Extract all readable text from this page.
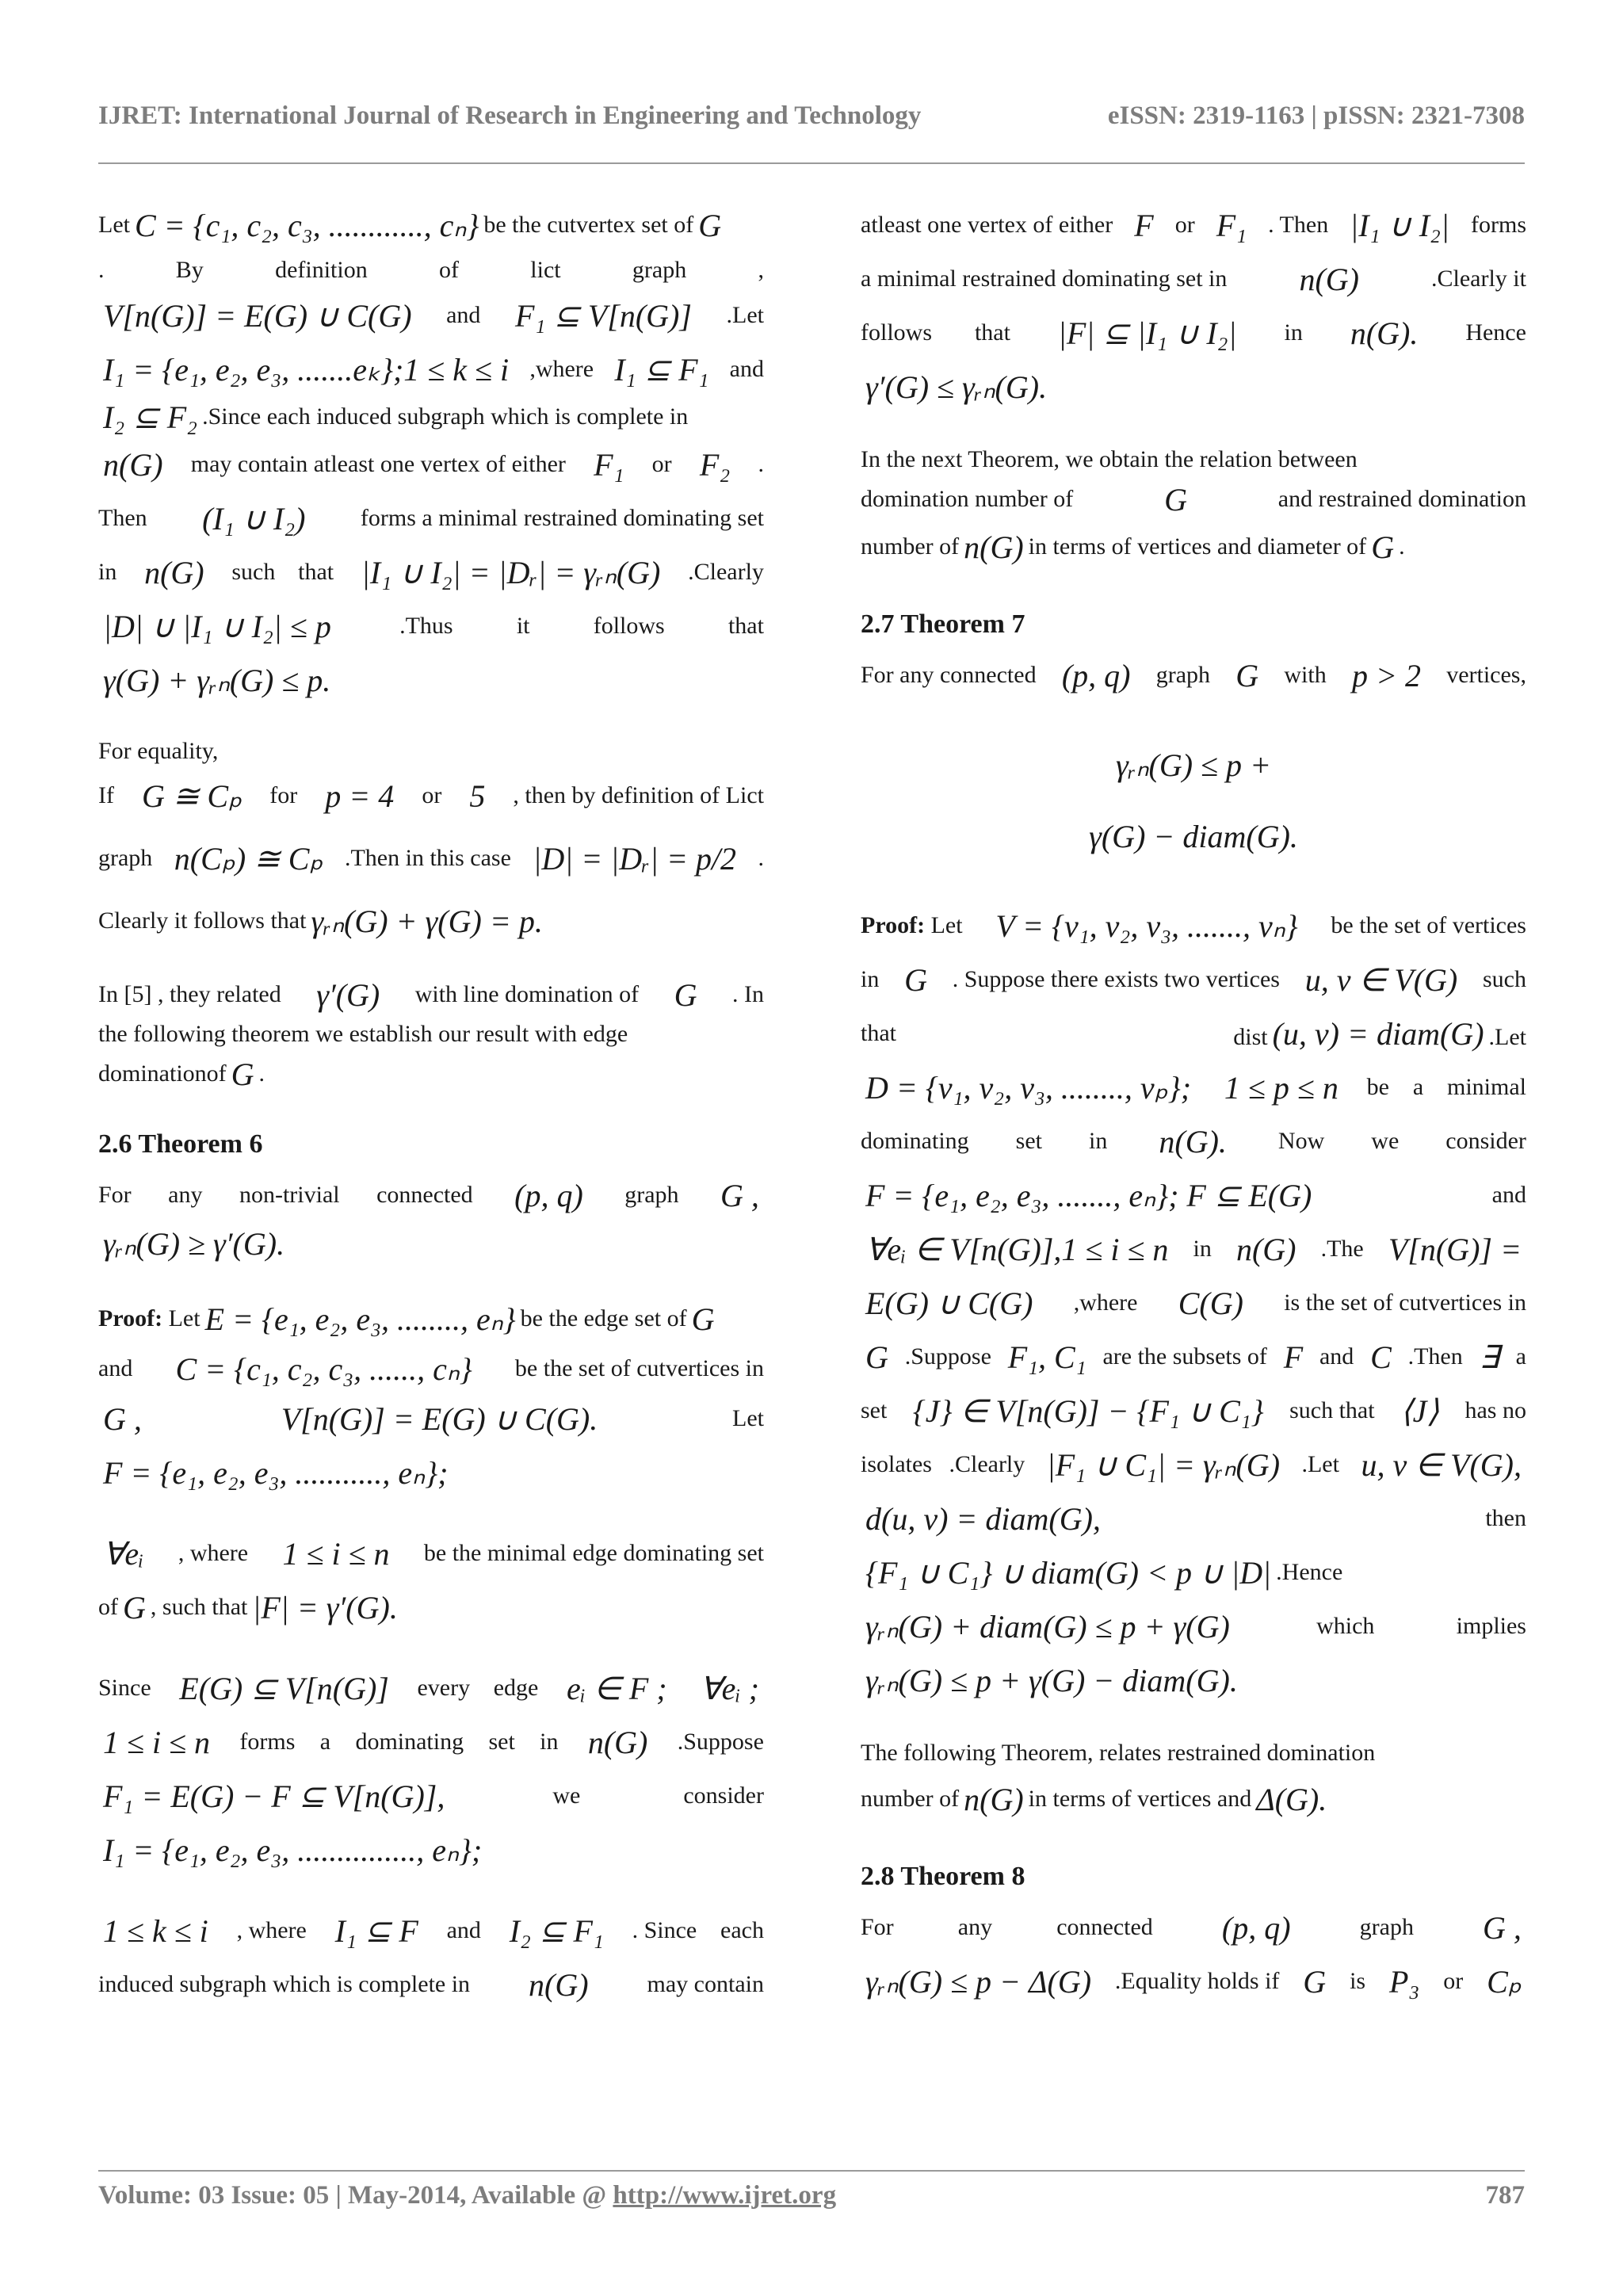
IJRET: International Journal of Research in Engineering and Technology	eISSN: 2319-1163 | pISSN: 2321-7308
Let C = {c₁, c₂, c₃, ............, cₙ} be the cutvertex set of G
.	By	definition	of	lict	graph	,
V[n(G)] = E(G) ∪ C(G) and F₁ ⊆ V[n(G)] .Let
I₁ = {e₁, e₂, e₃, .......eₖ};1 ≤ k ≤ i ,where I₁ ⊆ F₁ and
I₂ ⊆ F₂ .Since each induced subgraph which is complete in
n(G) may contain atleast one vertex of either F₁ or F₂ .
Then (I₁ ∪ I₂) forms a minimal restrained dominating set
in n(G) such that |I₁ ∪ I₂| = |Dᵣ| = γᵣₙ(G) .Clearly
|D| ∪ |I₁ ∪ I₂| ≤ p	.Thus	it	follows	that
γ(G) + γᵣₙ(G) ≤ p.
For equality,
If G ≅ Cₚ for p = 4 or 5 , then by definition of Lict
graph n(Cₚ) ≅ Cₚ .Then in this case |D| = |Dᵣ| = p/2 .
Clearly it follows that γᵣₙ(G) + γ(G) = p.
In [5] , they related γ′(G) with line domination of G . In
the following theorem we establish our result with edge
dominationof G .
2.6 Theorem 6
For any non-trivial connected (p, q) graph G ,
γᵣₙ(G) ≥ γ′(G).
Proof:
Let E = {e₁, e₂, e₃, ........, eₙ} be the edge set of G
and C = {c₁, c₂, c₃, ......, cₙ} be the set of cutvertices in
G ,	V[n(G)] = E(G) ∪ C(G).	Let
F = {e₁, e₂, e₃, ..........., eₙ};
∀eᵢ , where 1 ≤ i ≤ n be the minimal edge dominating set
of G , such that |F| = γ′(G).
Since E(G) ⊆ V[n(G)] every edge eᵢ ∈ F ; ∀eᵢ ;
1 ≤ i ≤ n forms a dominating set in n(G) .Suppose
F₁ = E(G) − F ⊆ V[n(G)],	we	consider
I₁ = {e₁, e₂, e₃, ..............., eₙ};
1 ≤ k ≤ i , where I₁ ⊆ F and I₂ ⊆ F₁ . Since each
induced subgraph which is complete in n(G) may contain
atleast one vertex of either F or F₁ . Then |I₁ ∪ I₂| forms
a minimal restrained dominating set in n(G)	.Clearly it
follows that |F| ⊆ |I₁ ∪ I₂| in n(G). Hence
γ′(G) ≤ γᵣₙ(G).
In the next Theorem, we obtain the relation between
domination number of	G	and restrained domination
number of n(G) in terms of vertices and diameter of G .
2.7 Theorem 7
For any connected (p, q) graph G with p > 2 vertices,
γᵣₙ(G) ≤ p +
γ(G) − diam(G).
Proof: Let V = {v₁, v₂, v₃, ......., vₙ} be the set of vertices
in G . Suppose there exists two vertices u, v ∈ V(G) such
that	dist (u, v) = diam(G) .Let
D = {v₁, v₂, v₃, ........, vₚ}; 1 ≤ p ≤ n be a minimal
dominating set in n(G). Now we consider
F = {e₁, e₂, e₃, ......., eₙ}; F ⊆ E(G)	and
∀eᵢ ∈ V[n(G)],1 ≤ i ≤ n in n(G) .The V[n(G)] =
E(G) ∪ C(G) ,where C(G) is the set of cutvertices in
G .Suppose F₁, C₁ are the subsets of F and C .Then ∃ a
set {J} ∈ V[n(G)] − {F₁ ∪ C₁} such that ⟨J⟩ has no
isolates .Clearly |F₁ ∪ C₁| = γᵣₙ(G) .Let u, v ∈ V(G),
d(u, v) = diam(G),	then
{F₁ ∪ C₁} ∪ diam(G) < p ∪ |D| .Hence
γᵣₙ(G) + diam(G) ≤ p + γ(G)	which	implies
γᵣₙ(G) ≤ p + γ(G) − diam(G).
The following Theorem, relates restrained domination
number of n(G) in terms of vertices and Δ(G).
2.8 Theorem 8
For	any	connected (p, q)	graph G ,
γᵣₙ(G) ≤ p − Δ(G) .Equality holds if G is P₃ or Cₚ
Volume: 03 Issue: 05 | May-2014, Available @ http://www.ijret.org	787
